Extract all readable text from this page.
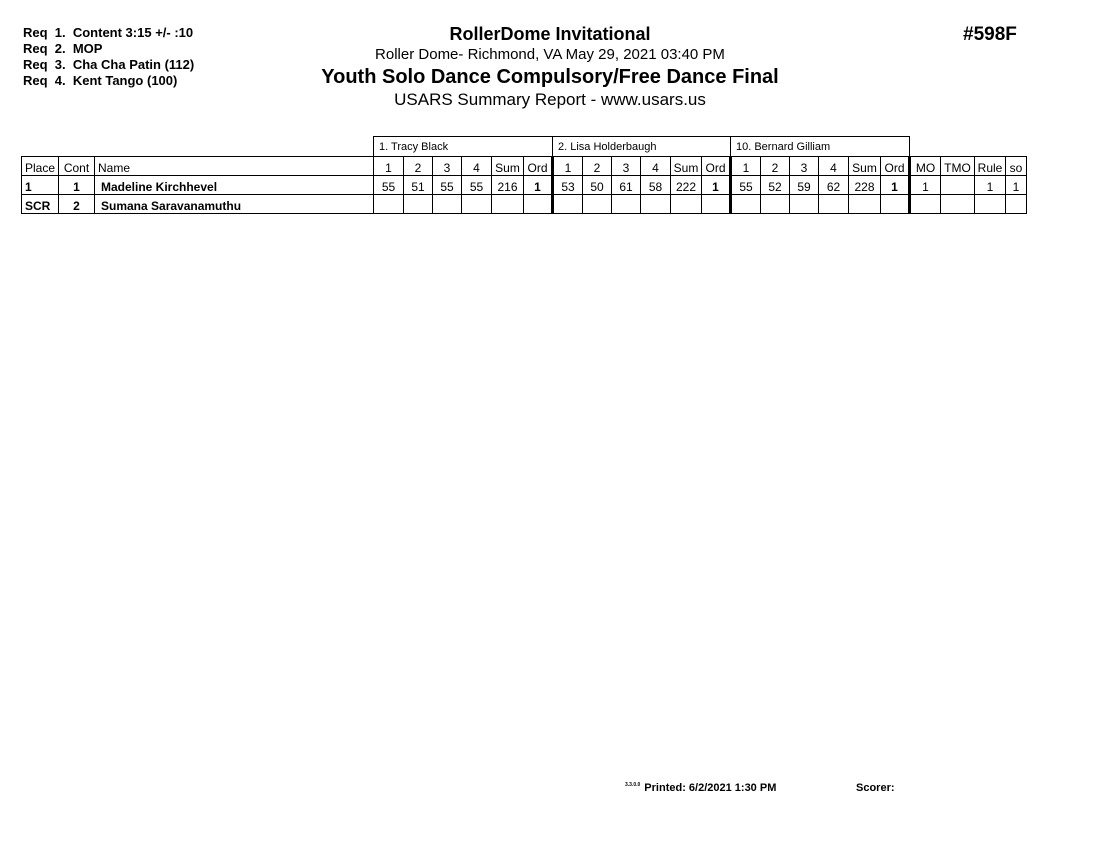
Req  1.  Content 3:15 +/- :10
Req  2.  MOP
Req  3.  Cha Cha Patin (112)
Req  4.  Kent Tango (100)
RollerDome Invitational
Roller Dome- Richmond, VA May 29, 2021 03:40 PM
Youth Solo Dance Compulsory/Free Dance Final
USARS Summary Report - www.usars.us
#598F
			1. Tracy Black						2. Lisa Holderbaugh						10. Bernard Gilliam									
Place	Cont	Name	1	2	3	4	Sum	Ord	1	2	3	4	Sum	Ord	1	2	3	4	Sum	Ord	MO	TMO	Rule	so
1	1	Madeline Kirchhevel	55	51	55	55	216	1	53	50	61	58	222	1	55	52	59	62	228	1	1		1	1
SCR	2	Sumana Saravanamuthu																						
$^{3.3.0.0}$ Printed: 6/2/2021 1:30 PM	Scorer:
